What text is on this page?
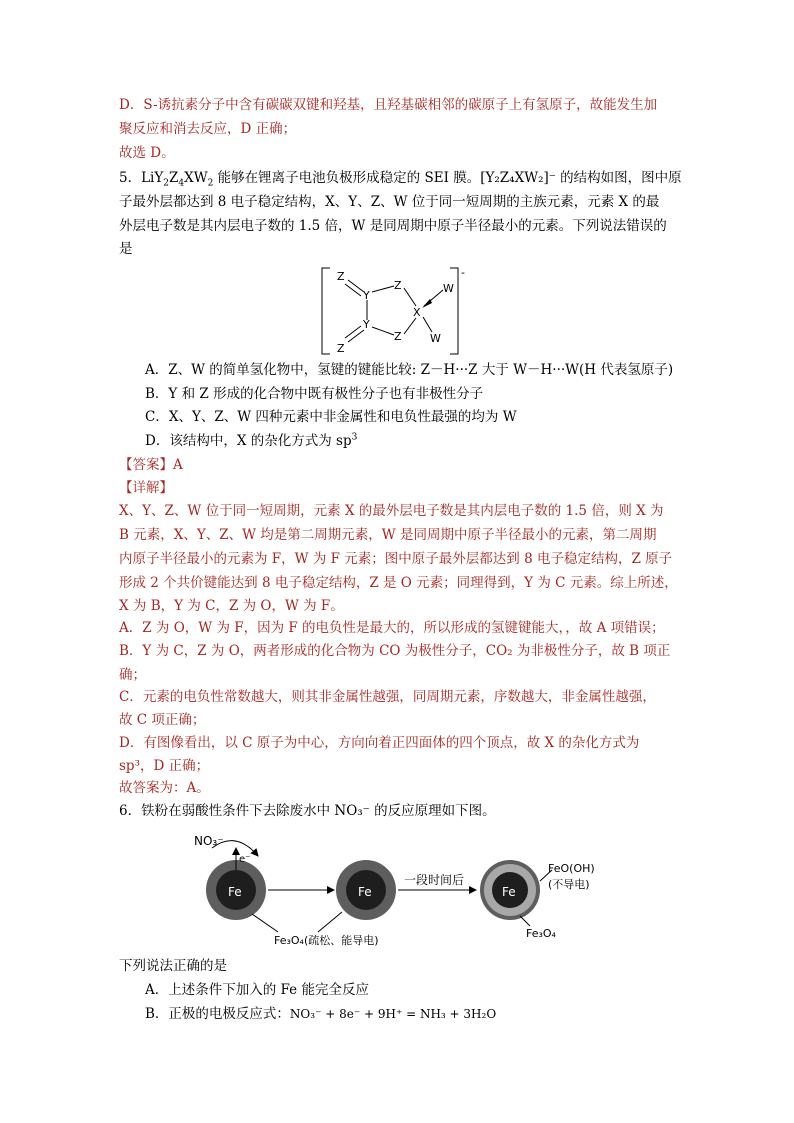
D．S-诱抗素分子中含有碳碳双键和羟基，且羟基碳相邻的碳原子上有氢原子，故能发生加
聚反应和消去反应，D 正确；
故选 D。
5．$LiY_2Z_4XW_2$ 能够在锂离子电池负极形成稳定的 SEI 膜。[Y₂Z₄XW₂]⁻ 的结构如图，图中原
子最外层都达到 8 电子稳定结构，X、Y、Z、W 位于同一短周期的主族元素，元素 X 的最
外层电子数是其内层电子数的 1.5 倍，W 是同周期中原子半径最小的元素。下列说法错误的
是
-
Z
Y
Z
X
W
Y
Z	W
Z
A．Z、W 的简单氢化物中，氢键的键能比较: Z－H···Z 大于 W－H···W(H 代表氢原子)
B．Y 和 Z 形成的化合物中既有极性分子也有非极性分子
C．X、Y、Z、W 四种元素中非金属性和电负性最强的均为 W
D．该结构中，X 的杂化方式为 $sp^3$
【答案】A
【详解】
X、Y、Z、W 位于同一短周期，元素 X 的最外层电子数是其内层电子数的 1.5 倍，则 X 为
B 元素，X、Y、Z、W 均是第二周期元素，W 是同周期中原子半径最小的元素，第二周期
内原子半径最小的元素为 F，W 为 F 元素；图中原子最外层都达到 8 电子稳定结构，Z 原子
形成 2 个共价键能达到 8 电子稳定结构，Z 是 O 元素；同理得到，Y 为 C 元素。综上所述，
X 为 B，Y 为 C，Z 为 O，W 为 F。
A．Z 为 O，W 为 F，因为 F 的电负性是最大的，所以形成的氢键键能大，，故 A 项错误；
B．Y 为 C，Z 为 O，两者形成的化合物为 CO 为极性分子，CO₂ 为非极性分子，故 B 项正
确；
C．元素的电负性常数越大，则其非金属性越强，同周期元素，序数越大，非金属性越强，
故 C 项正确；
D．有图像看出，以 C 原子为中心，方向向着正四面体的四个顶点，故 X 的杂化方式为
sp³，D 正确；
故答案为：A。
6．铁粉在弱酸性条件下去除废水中 NO₃⁻ 的反应原理如下图。
Fe	Fe	Fe
NO₃⁻
e⁻
一段时间后
FeO(OH)
(不导电)
Fe₃O₄
Fe₃O₄(疏松、能导电)
下列说法正确的是
A．上述条件下加入的 Fe 能完全反应
B．正极的电极反应式：NO₃⁻ + 8e⁻ + 9H⁺ = NH₃ + 3H₂O
